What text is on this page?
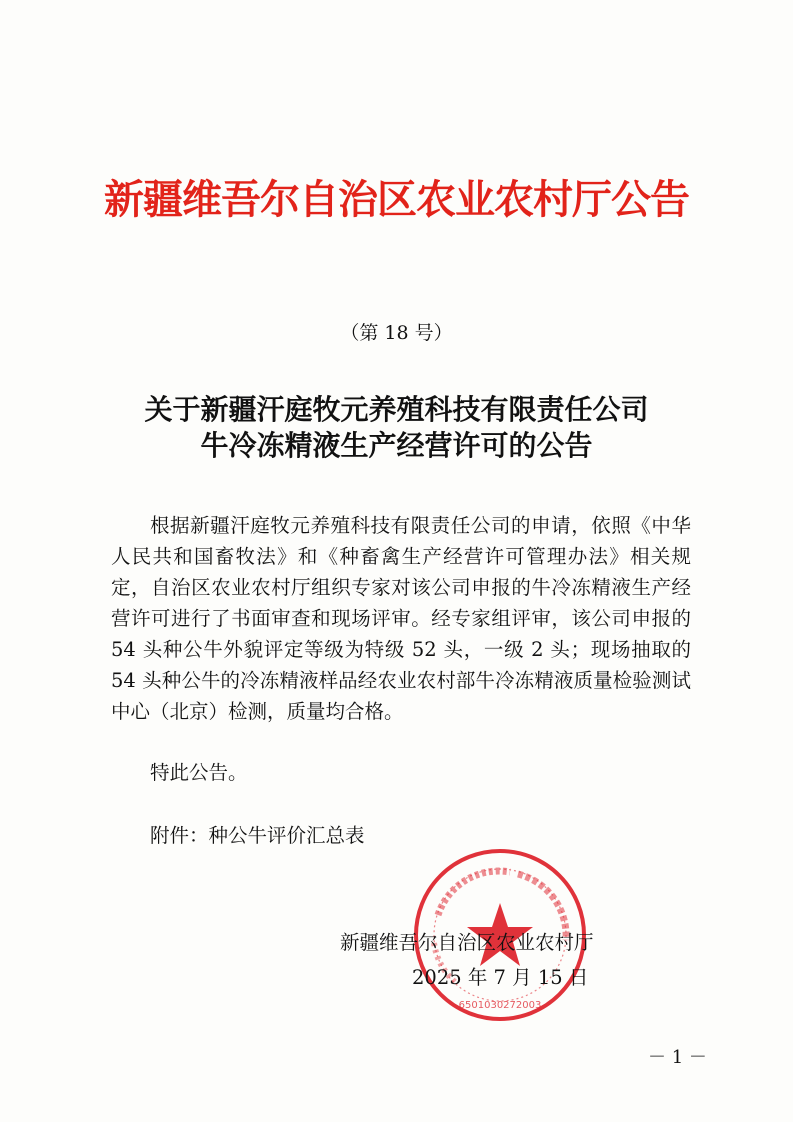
新疆维吾尔自治区农业农村厅公告
（第 18 号）
关于新疆汗庭牧元养殖科技有限责任公司
牛冷冻精液生产经营许可的公告
根据新疆汗庭牧元养殖科技有限责任公司的申请，依照《中华人民共和国畜牧法》和《种畜禽生产经营许可管理办法》相关规定，自治区农业农村厅组织专家对该公司申报的牛冷冻精液生产经营许可进行了书面审查和现场评审。经专家组评审，该公司申报的 54 头种公牛外貌评定等级为特级 52 头，一级 2 头；现场抽取的 54 头种公牛的冷冻精液样品经农业农村部牛冷冻精液质量检验测试中心（北京）检测，质量均合格。
特此公告。
附件：种公牛评价汇总表
6501030272003
新疆维吾尔自治区农业农村厅
2025 年 7 月 15 日
－ 1 －
